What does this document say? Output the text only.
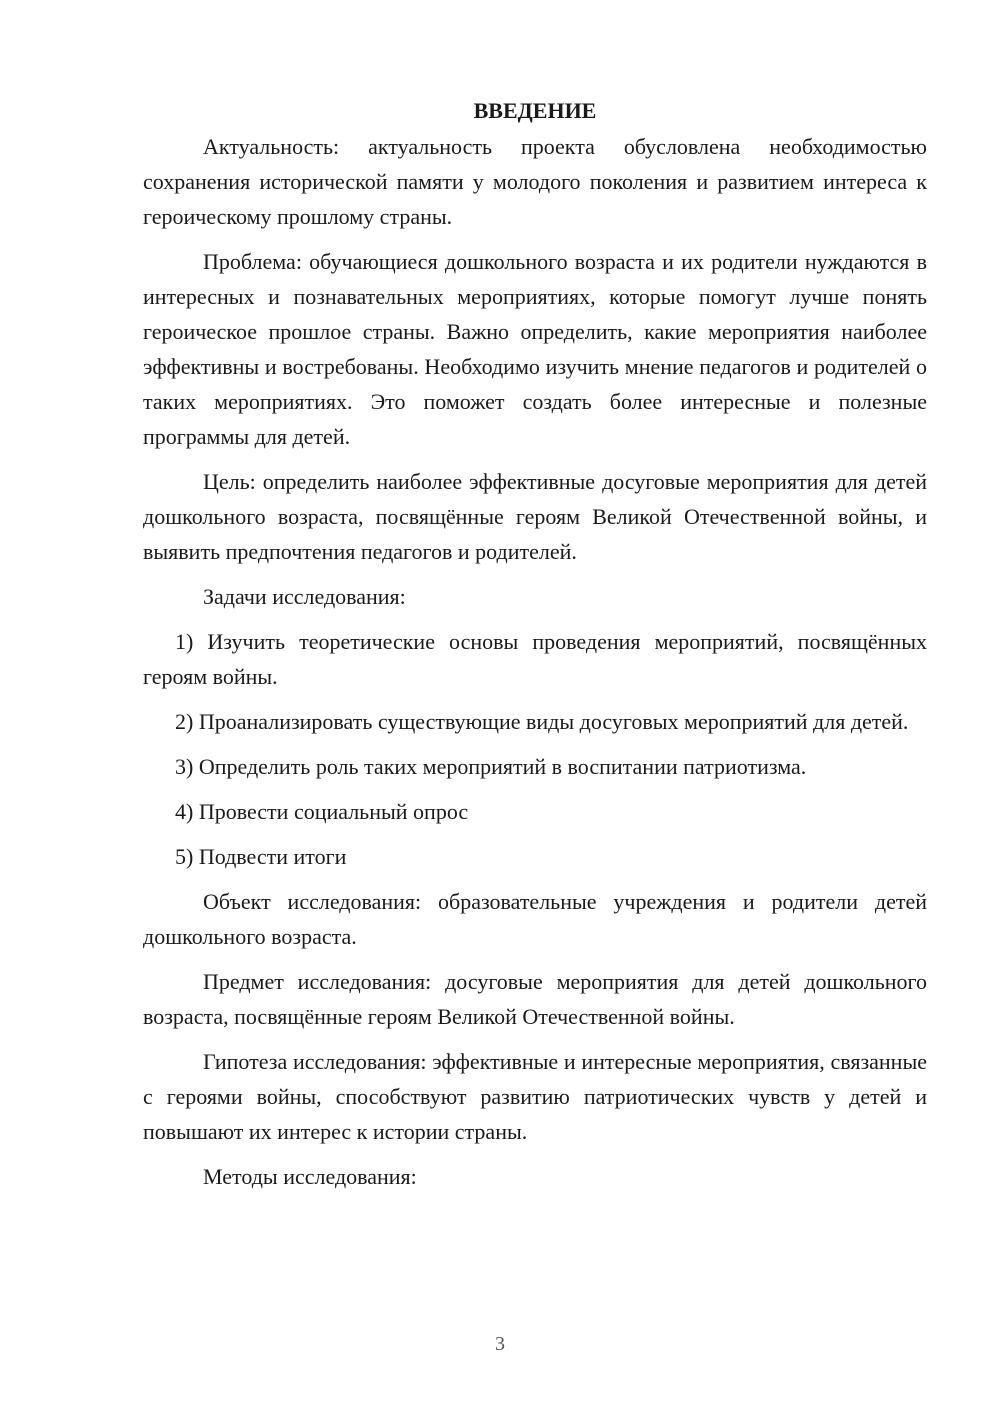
ВВЕДЕНИЕ

Актуальность: актуальность проекта обусловлена необходимостью сохранения исторической памяти у молодого поколения и развитием интереса к героическому прошлому страны.

Проблема: обучающиеся дошкольного возраста и их родители нуждаются в интересных и познавательных мероприятиях, которые помогут лучше понять героическое прошлое страны. Важно определить, какие мероприятия наиболее эффективны и востребованы. Необходимо изучить мнение педагогов и родителей о таких мероприятиях. Это поможет создать более интересные и полезные программы для детей.

Цель: определить наиболее эффективные досуговые мероприятия для детей дошкольного возраста, посвящённые героям Великой Отечественной войны, и выявить предпочтения педагогов и родителей.

Задачи исследования:

1) Изучить теоретические основы проведения мероприятий, посвящённых героям войны.

2) Проанализировать существующие виды досуговых мероприятий для детей.

3) Определить роль таких мероприятий в воспитании патриотизма.

4) Провести социальный опрос

5) Подвести итоги

Объект исследования: образовательные учреждения и родители детей дошкольного возраста.

Предмет исследования: досуговые мероприятия для детей дошкольного возраста, посвящённые героям Великой Отечественной войны.

Гипотеза исследования: эффективные и интересные мероприятия, связанные с героями войны, способствуют развитию патриотических чувств у детей и повышают их интерес к истории страны.

Методы исследования:

3
